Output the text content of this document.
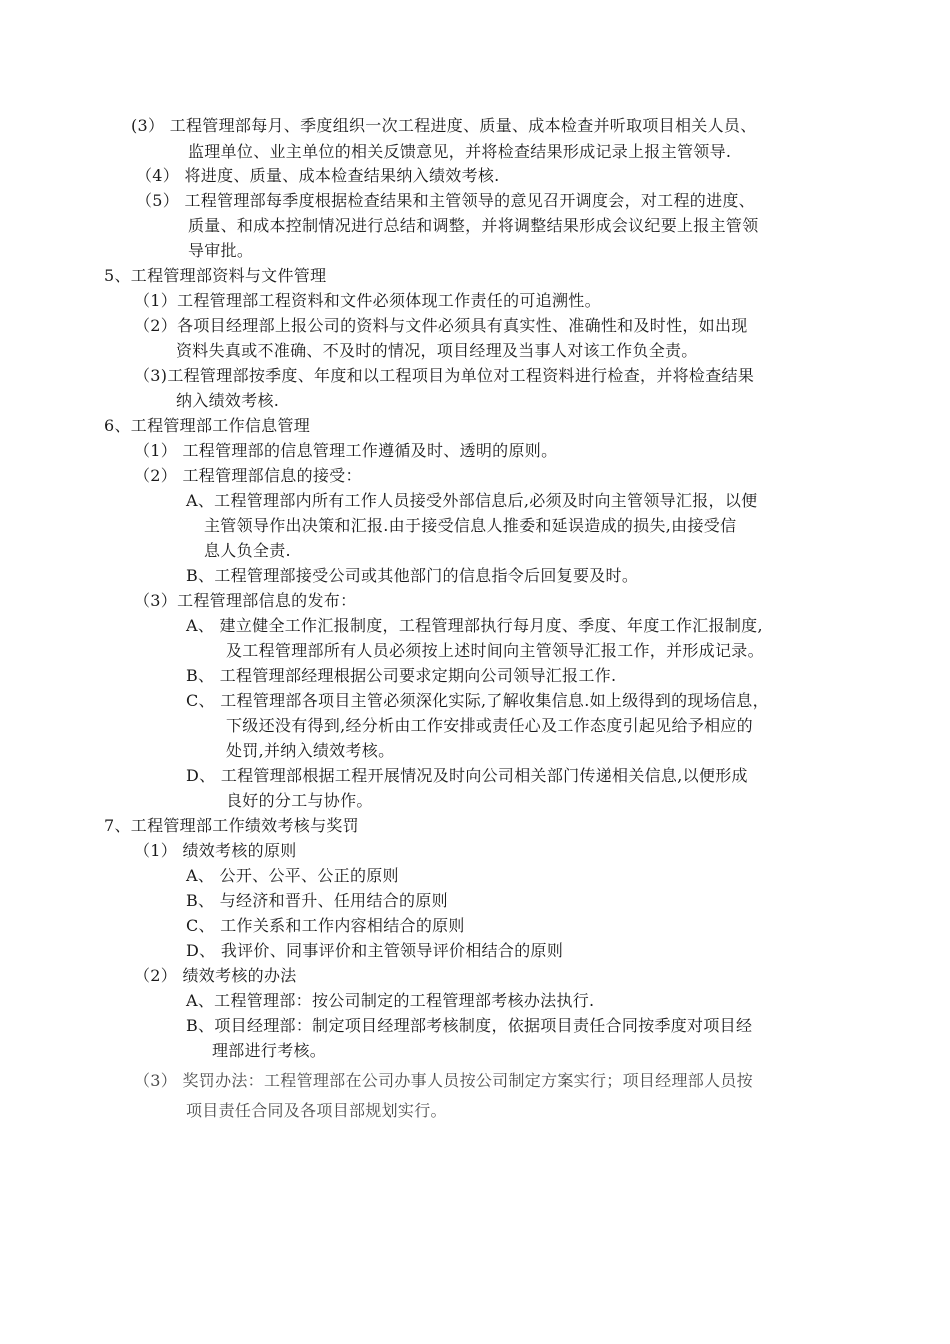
(3） 工程管理部每月、季度组织一次工程进度、质量、成本检查并听取项目相关人员、
监理单位、业主单位的相关反馈意见，并将检查结果形成记录上报主管领导.
（4） 将进度、质量、成本检查结果纳入绩效考核.
（5） 工程管理部每季度根据检查结果和主管领导的意见召开调度会，对工程的进度、
质量、和成本控制情况进行总结和调整，并将调整结果形成会议纪要上报主管领
导审批。
5、工程管理部资料与文件管理
（1）工程管理部工程资料和文件必须体现工作责任的可追溯性。
（2）各项目经理部上报公司的资料与文件必须具有真实性、准确性和及时性，如出现
资料失真或不准确、不及时的情况，项目经理及当事人对该工作负全责。
（3)工程管理部按季度、年度和以工程项目为单位对工程资料进行检查，并将检查结果
纳入绩效考核.
6、工程管理部工作信息管理
（1） 工程管理部的信息管理工作遵循及时、透明的原则。
（2） 工程管理部信息的接受：
A、工程管理部内所有工作人员接受外部信息后,必须及时向主管领导汇报，以便
主管领导作出决策和汇报.由于接受信息人推委和延误造成的损失,由接受信
息人负全责.
B、工程管理部接受公司或其他部门的信息指令后回复要及时。
（3）工程管理部信息的发布：
A、 建立健全工作汇报制度，工程管理部执行每月度、季度、年度工作汇报制度,
及工程管理部所有人员必须按上述时间向主管领导汇报工作，并形成记录。
B、 工程管理部经理根据公司要求定期向公司领导汇报工作.
C、 工程管理部各项目主管必须深化实际,了解收集信息.如上级得到的现场信息，
下级还没有得到,经分析由工作安排或责任心及工作态度引起见给予相应的
处罚,并纳入绩效考核。
D、 工程管理部根据工程开展情况及时向公司相关部门传递相关信息,以便形成
良好的分工与协作。
7、工程管理部工作绩效考核与奖罚
（1） 绩效考核的原则
A、 公开、公平、公正的原则
B、 与经济和晋升、任用结合的原则
C、 工作关系和工作内容相结合的原则
D、 我评价、同事评价和主管领导评价相结合的原则
（2） 绩效考核的办法
A、工程管理部：按公司制定的工程管理部考核办法执行.
B、项目经理部：制定项目经理部考核制度，依据项目责任合同按季度对项目经
理部进行考核。
（3） 奖罚办法：工程管理部在公司办事人员按公司制定方案实行；项目经理部人员按
项目责任合同及各项目部规划实行。
